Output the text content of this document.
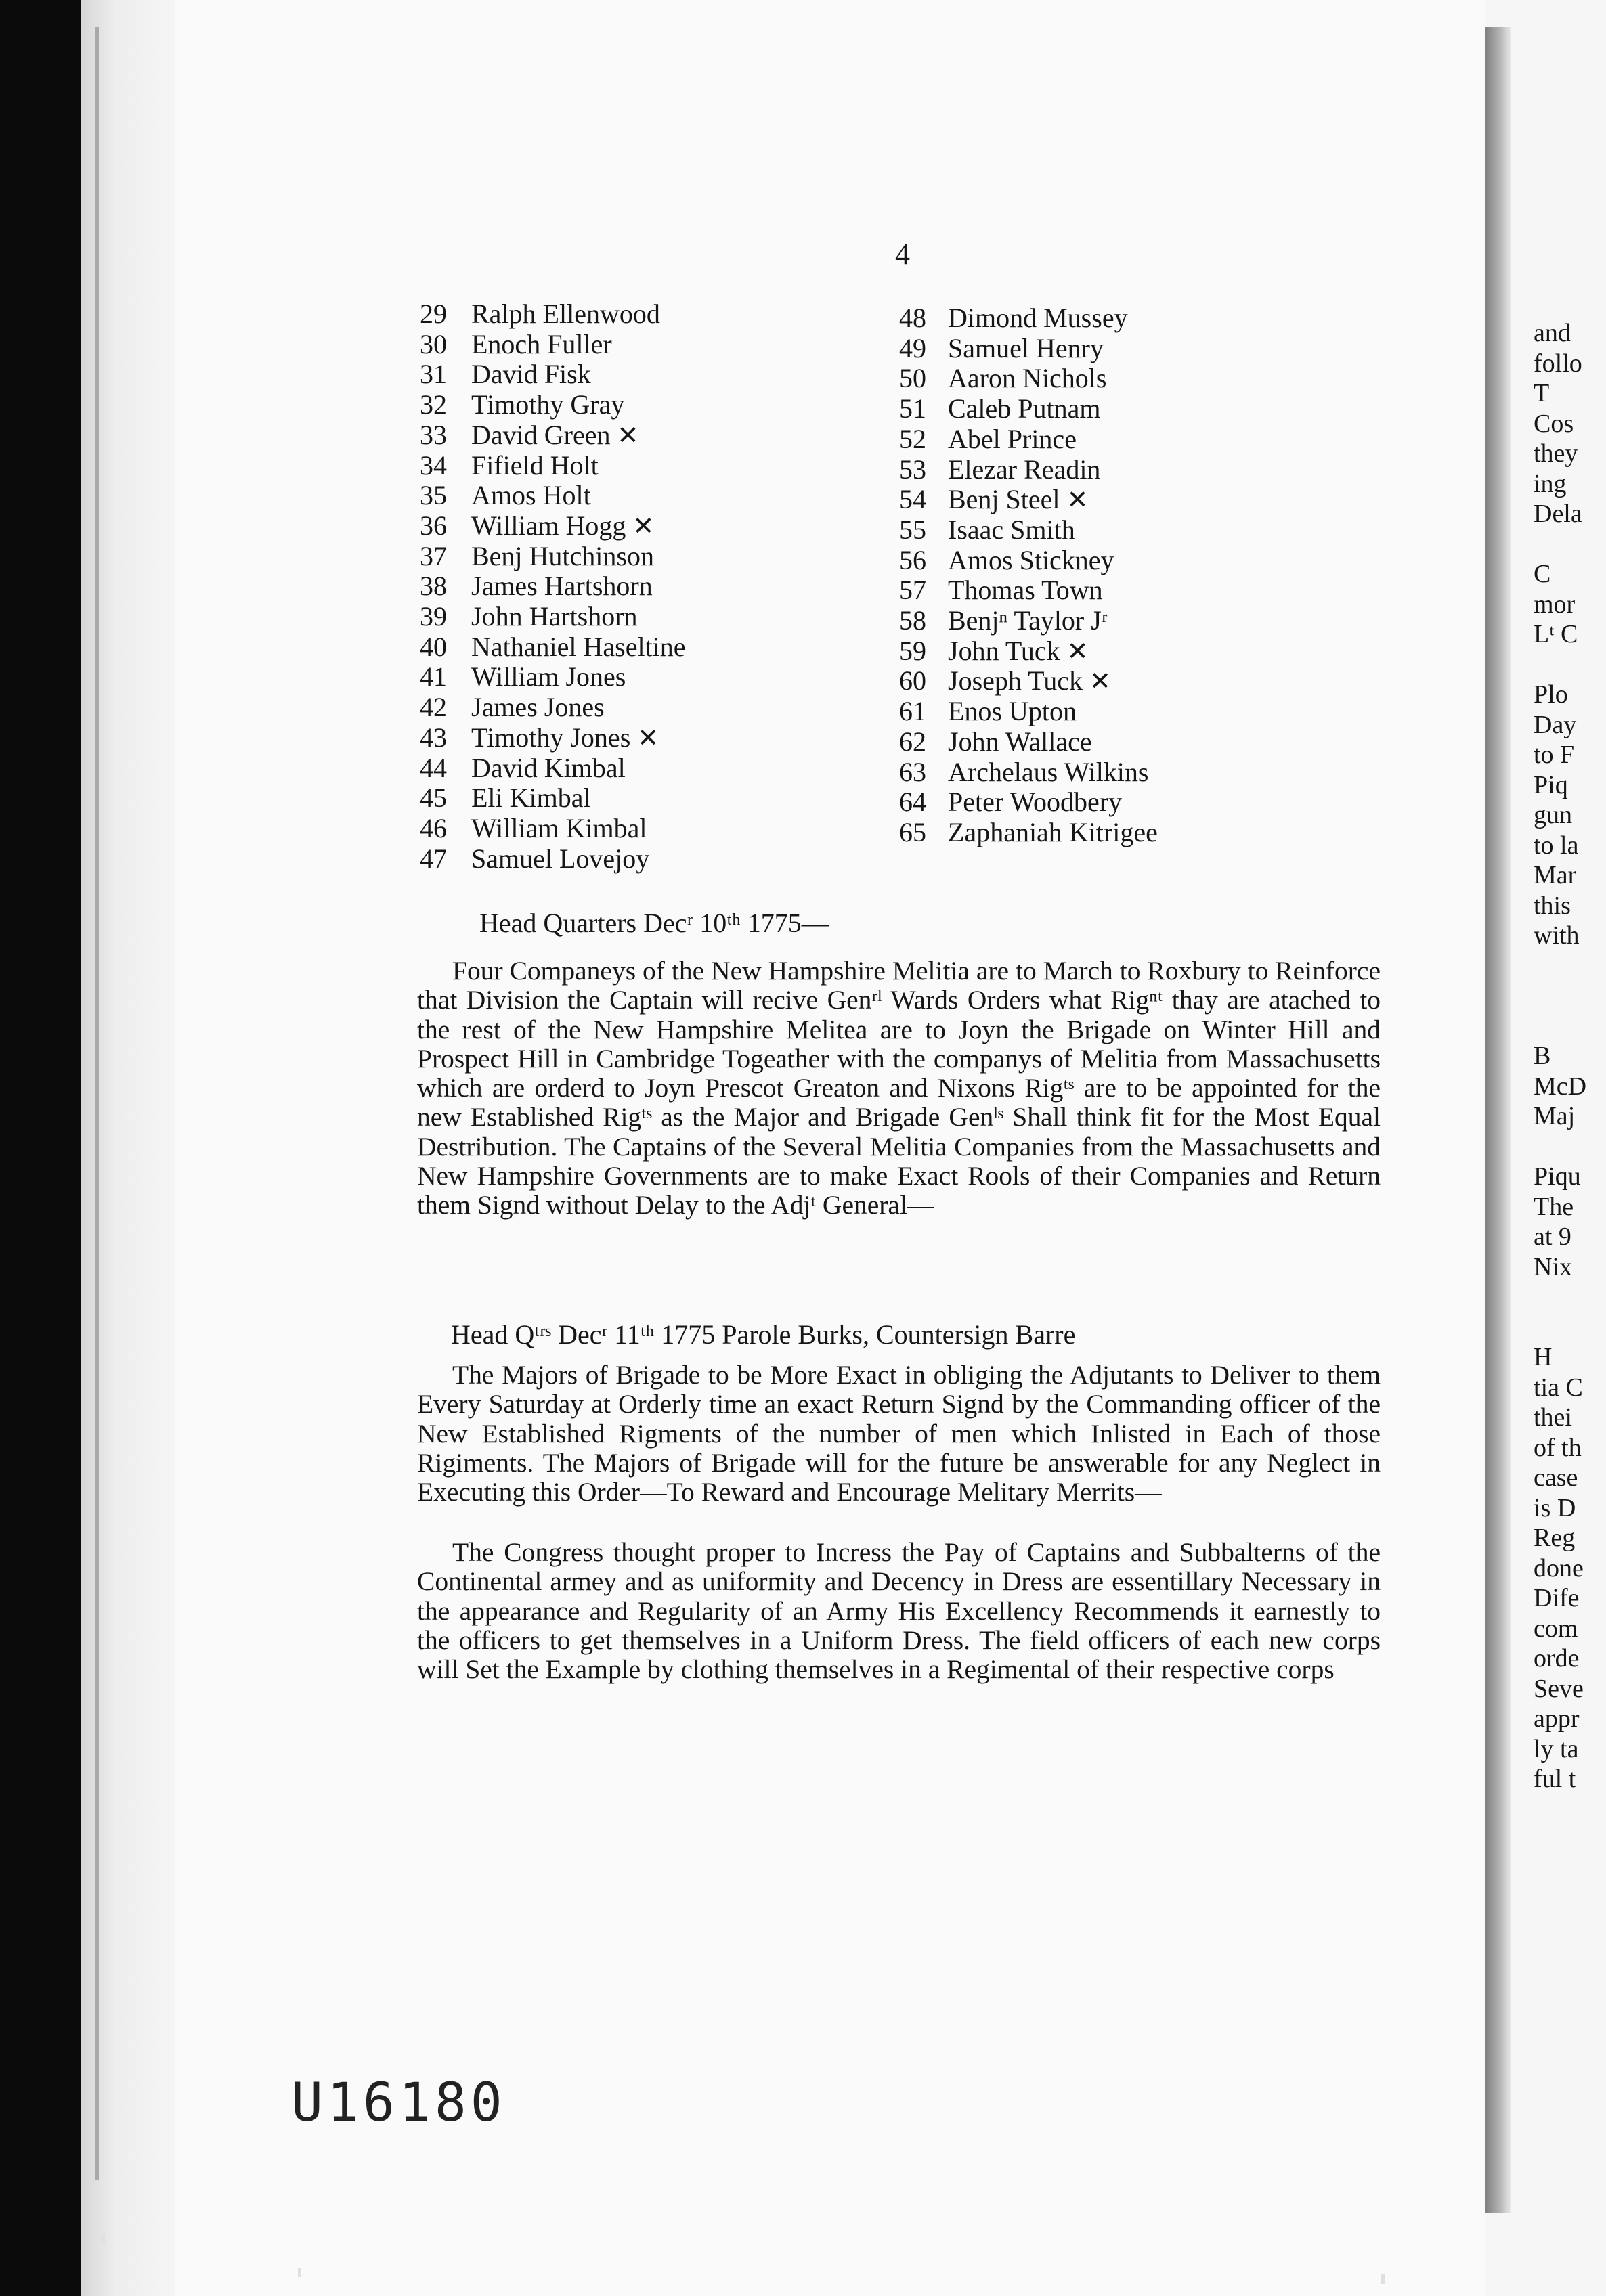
and
follo
T
Cos
they
ing
Dela
C
mor
Lᵗ C
Plo
Day
to F
Piq
gun
to la
Mar
this
with
B
McD
Maj
Piqu
The
at 9
Nix
H
tia C
thei
of th
case
is D
Reg
done
Dife
com
orde
Seve
appr
ly ta
ful t
4
29 Ralph Ellenwood
30 Enoch Fuller
31 David Fisk
32 Timothy Gray
33 David Green ✕
34 Fifield Holt
35 Amos Holt
36 William Hogg ✕
37 Benj Hutchinson
38 James Hartshorn
39 John Hartshorn
40 Nathaniel Haseltine
41 William Jones
42 James Jones
43 Timothy Jones ✕
44 David Kimbal
45 Eli Kimbal
46 William Kimbal
47 Samuel Lovejoy
48 Dimond Mussey
49 Samuel Henry
50 Aaron Nichols
51 Caleb Putnam
52 Abel Prince
53 Elezar Readin
54 Benj Steel ✕
55 Isaac Smith
56 Amos Stickney
57 Thomas Town
58 Benjⁿ Taylor Jʳ
59 John Tuck ✕
60 Joseph Tuck ✕
61 Enos Upton
62 John Wallace
63 Archelaus Wilkins
64 Peter Woodbery
65 Zaphaniah Kitrigee
Head Quarters Decʳ 10ᵗʰ 1775—

Four Companeys of the New Hampshire Melitia are to March to Roxbury to Reinforce that Division the Captain will recive Genʳˡ Wards Orders what Rigⁿᵗ thay are atached to the rest of the New Hampshire Melitea are to Joyn the Brigade on Winter Hill and Prospect Hill in Cambridge Togeather with the companys of Melitia from Massachusetts which are orderd to Joyn Prescot Greaton and Nixons Rigᵗˢ are to be appointed for the new Established Rigᵗˢ as the Major and Brigade Genˡˢ Shall think fit for the Most Equal Destribution. The Captains of the Several Melitia Companies from the Massachusetts and New Hampshire Governments are to make Exact Rools of their Companies and Return them Signd without Delay to the Adjᵗ General—

Head Qᵗʳˢ Decʳ 11ᵗʰ 1775 Parole Burks, Countersign Barre

The Majors of Brigade to be More Exact in obliging the Adjutants to Deliver to them Every Saturday at Orderly time an exact Return Signd by the Commanding officer of the New Established Rigments of the number of men which Inlisted in Each of those Rigiments. The Majors of Brigade will for the future be answerable for any Neglect in Executing this Order—To Reward and Encourage Melitary Merrits—

The Congress thought proper to Incress the Pay of Captains and Subbalterns of the Continental armey and as uniformity and Decency in Dress are essentillary Necessary in the appearance and Regularity of an Army His Excellency Recommends it earnestly to the officers to get themselves in a Uniform Dress. The field officers of each new corps will Set the Example by clothing themselves in a Regimental of their respective corps

U16180
